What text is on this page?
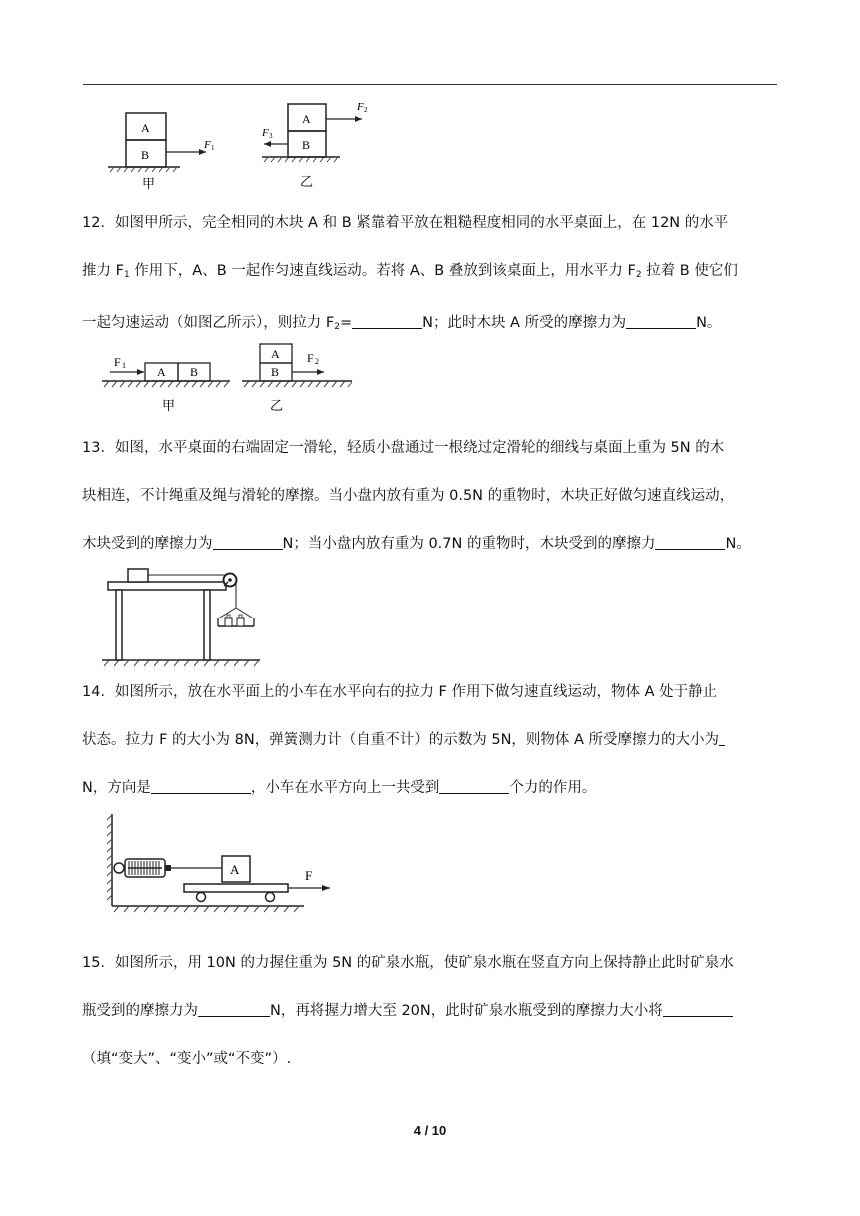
A
B
F 1
甲
A
B
F 2
F 3
乙
12．如图甲所示，完全相同的木块 A 和 B 紧靠着平放在粗糙程度相同的水平桌面上，在 12N 的水平
推力 $F_1$ 作用下，A、B 一起作匀速直线运动。若将 A、B 叠放到该桌面上，用水平力 $F_2$ 拉着 B 使它们
一起匀速运动（如图乙所示），则拉力 $F_2=$	N；此时木块 A 所受的摩擦力为	N。
A B
F 1
甲
A
B
F 2
乙
13．如图，水平桌面的右端固定一滑轮，轻质小盘通过一根绕过定滑轮的细线与桌面上重为 5N 的木
块相连，不计绳重及绳与滑轮的摩擦。当小盘内放有重为 0.5N 的重物时，木块正好做匀速直线运动，
木块受到的摩擦力为	N；当小盘内放有重为 0.7N 的重物时，木块受到的摩擦力	N。
14．如图所示，放在水平面上的小车在水平向右的拉力 F 作用下做匀速直线运动，物体 A 处于静止
状态。拉力 F 的大小为 8N，弹簧测力计（自重不计）的示数为 5N，则物体 A 所受摩擦力的大小为
N，方向是	，小车在水平方向上一共受到	个力的作用。
A	F
15．如图所示，用 10N 的力握住重为 5N 的矿泉水瓶，使矿泉水瓶在竖直方向上保持静止此时矿泉水
瓶受到的摩擦力为	N，再将握力增大至 20N，此时矿泉水瓶受到的摩擦力大小将
（填“变大”、“变小”或“不变”）.
4 / 10
